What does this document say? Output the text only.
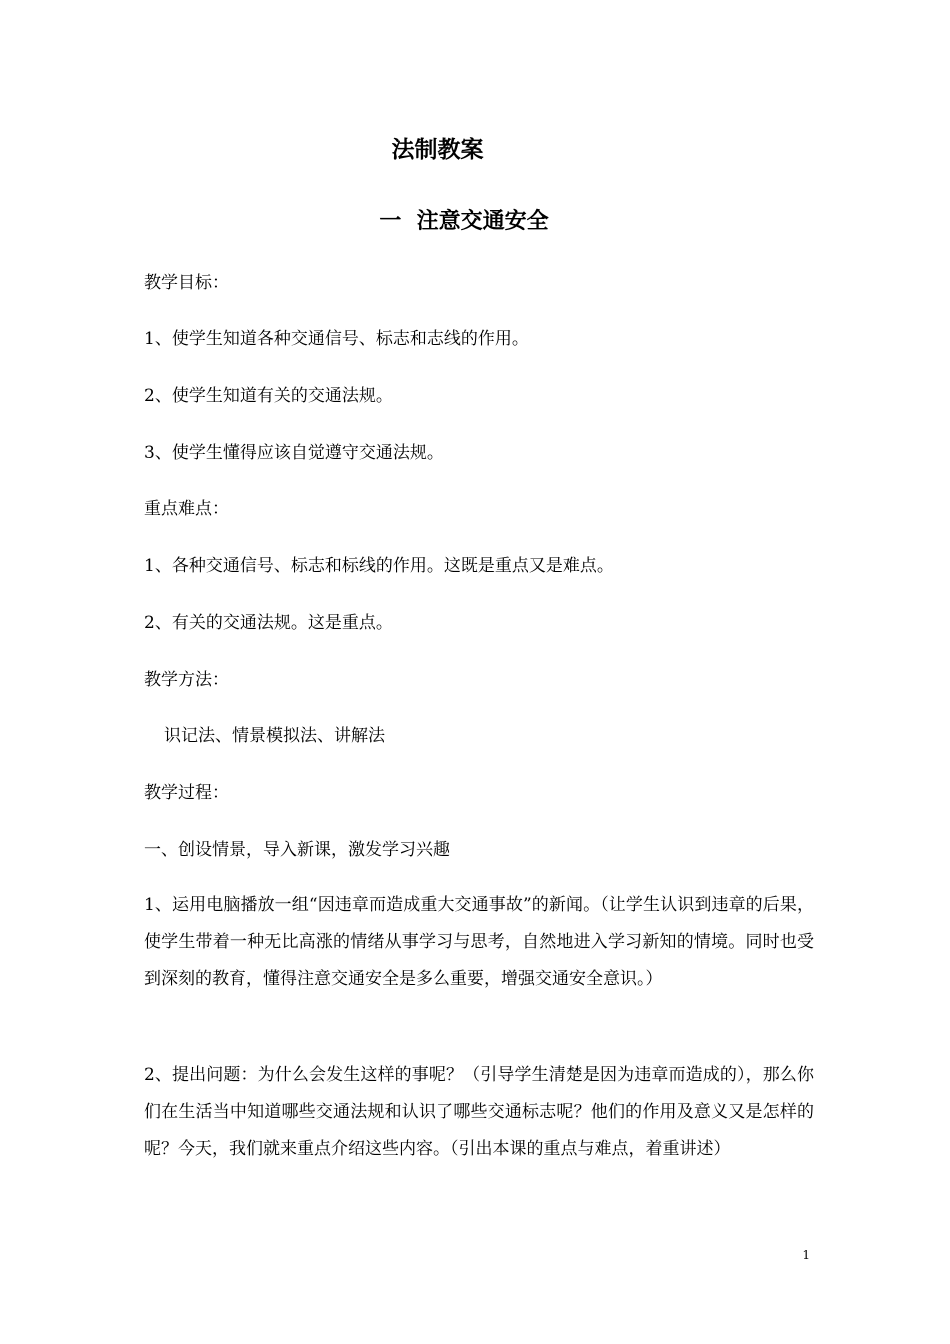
法制教案
一  注意交通安全

教学目标：

1、使学生知道各种交通信号、标志和志线的作用。

2、使学生知道有关的交通法规。

3、使学生懂得应该自觉遵守交通法规。

重点难点：

1、各种交通信号、标志和标线的作用。这既是重点又是难点。

2、有关的交通法规。这是重点。

教学方法：

识记法、情景模拟法、讲解法

教学过程：

一、创设情景，导入新课，激发学习兴趣

1、运用电脑播放一组“因违章而造成重大交通事故”的新闻。（让学生认识到违章的后果，使学生带着一种无比高涨的情绪从事学习与思考，自然地进入学习新知的情境。同时也受到深刻的教育，懂得注意交通安全是多么重要，增强交通安全意识。）

2、提出问题：为什么会发生这样的事呢？（引导学生清楚是因为违章而造成的），那么你们在生活当中知道哪些交通法规和认识了哪些交通标志呢？他们的作用及意义又是怎样的呢？今天，我们就来重点介绍这些内容。（引出本课的重点与难点，着重讲述）

1
